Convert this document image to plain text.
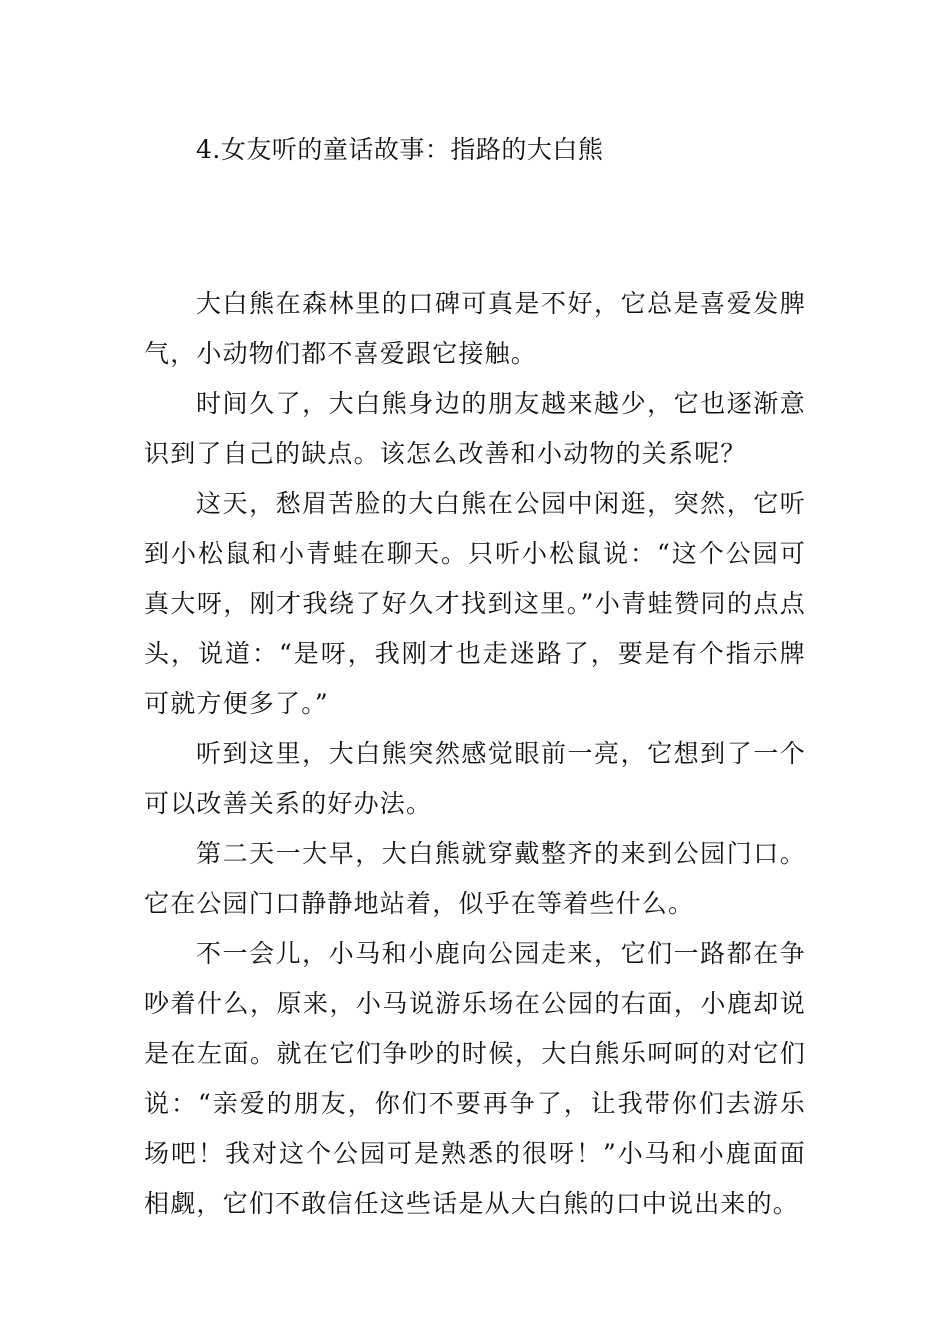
4.女友听的童话故事：指路的大白熊

大白熊在森林里的口碑可真是不好，它总是喜爱发脾气，小动物们都不喜爱跟它接触。

时间久了，大白熊身边的朋友越来越少，它也逐渐意识到了自己的缺点。该怎么改善和小动物的关系呢？

这天，愁眉苦脸的大白熊在公园中闲逛，突然，它听到小松鼠和小青蛙在聊天。只听小松鼠说：“这个公园可真大呀，刚才我绕了好久才找到这里。”小青蛙赞同的点点头，说道：“是呀，我刚才也走迷路了，要是有个指示牌可就方便多了。”

听到这里，大白熊突然感觉眼前一亮，它想到了一个可以改善关系的好办法。

第二天一大早，大白熊就穿戴整齐的来到公园门口。它在公园门口静静地站着，似乎在等着些什么。

不一会儿，小马和小鹿向公园走来，它们一路都在争吵着什么，原来，小马说游乐场在公园的右面，小鹿却说是在左面。就在它们争吵的时候，大白熊乐呵呵的对它们说：“亲爱的朋友，你们不要再争了，让我带你们去游乐场吧！我对这个公园可是熟悉的很呀！”小马和小鹿面面相觑，它们不敢信任这些话是从大白熊的口中说出来的。
